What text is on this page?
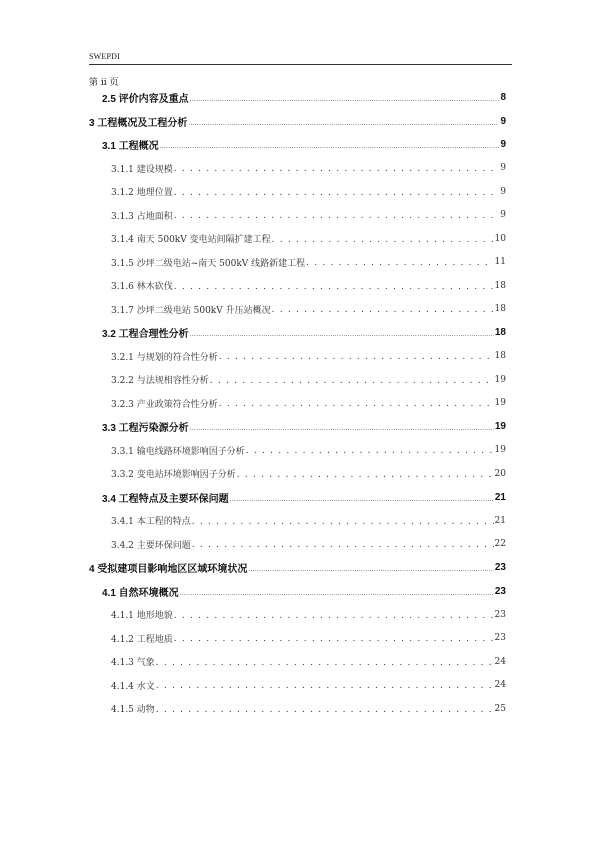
SWEPDI
第 ii 页
2.5 评价内容及重点 .....	8
3 工程概况及工程分析 .....	9
3.1 工程概况 .....	9
3.1.1 建设规模 . . .	9
3.1.2 地理位置 . . .	9
3.1.3 占地面积 . . .	9
3.1.4 南天 500kV 变电站间隔扩建工程 . . .	10
3.1.5 沙坪二级电站~南天 500kV 线路新建工程 . . .	11
3.1.6 林木砍伐 . . .	18
3.1.7 沙坪二级电站 500kV 升压站概况 . . .	18
3.2 工程合理性分析 .....	18
3.2.1 与规划的符合性分析 . . .	18
3.2.2 与法规相容性分析 . . .	19
3.2.3 产业政策符合性分析 . . .	19
3.3 工程污染源分析 .....	19
3.3.1 输电线路环境影响因子分析 . . .	19
3.3.2 变电站环境影响因子分析 . . .	20
3.4 工程特点及主要环保问题 .....	21
3.4.1 本工程的特点 . . .	21
3.4.2 主要环保问题 . . .	22
4 受拟建项目影响地区区域环境状况 .....	23
4.1 自然环境概况 .....	23
4.1.1 地形地貌 . . .	23
4.1.2 工程地质 . . .	23
4.1.3 气象 . . .	24
4.1.4 水文 . . .	24
4.1.5 动物 . . .	25
